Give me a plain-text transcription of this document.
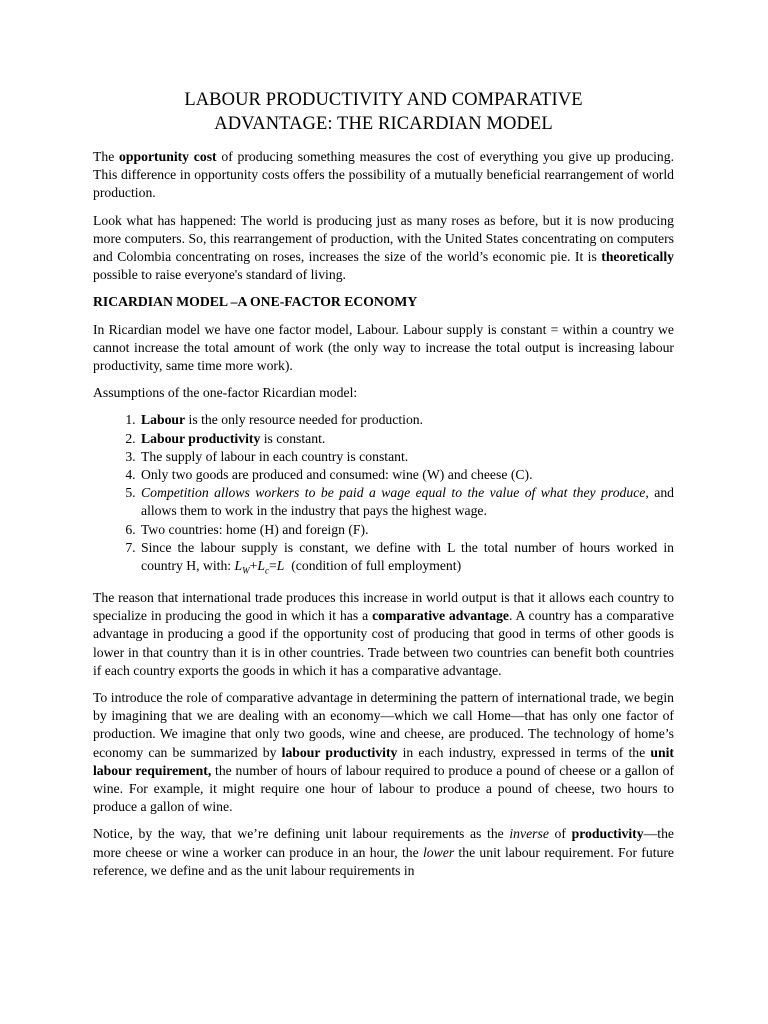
LABOUR PRODUCTIVITY AND COMPARATIVE
ADVANTAGE: THE RICARDIAN MODEL

The opportunity cost of producing something measures the cost of everything you give up producing. This difference in opportunity costs offers the possibility of a mutually beneficial rearrangement of world production.

Look what has happened: The world is producing just as many roses as before, but it is now producing more computers. So, this rearrangement of production, with the United States concentrating on computers and Colombia concentrating on roses, increases the size of the world’s economic pie. It is theoretically possible to raise everyone's standard of living.

RICARDIAN MODEL –A ONE-FACTOR ECONOMY

In Ricardian model we have one factor model, Labour. Labour supply is constant = within a country we cannot increase the total amount of work (the only way to increase the total output is increasing labour productivity, same time more work).

Assumptions of the one-factor Ricardian model:

1. Labour is the only resource needed for production.
2. Labour productivity is constant.
3. The supply of labour in each country is constant.
4. Only two goods are produced and consumed: wine (W) and cheese (C).
5. Competition allows workers to be paid a wage equal to the value of what they produce, and allows them to work in the industry that pays the highest wage.
6. Two countries: home (H) and foreign (F).
7. Since the labour supply is constant, we define with L the total number of hours worked in country H, with: $L_W+L_c=L$  (condition of full employment)

The reason that international trade produces this increase in world output is that it allows each country to specialize in producing the good in which it has a comparative advantage. A country has a comparative advantage in producing a good if the opportunity cost of producing that good in terms of other goods is lower in that country than it is in other countries. Trade between two countries can benefit both countries if each country exports the goods in which it has a comparative advantage.

To introduce the role of comparative advantage in determining the pattern of international trade, we begin by imagining that we are dealing with an economy—which we call Home—that has only one factor of production. We imagine that only two goods, wine and cheese, are produced. The technology of home’s economy can be summarized by labour productivity in each industry, expressed in terms of the unit labour requirement, the number of hours of labour required to produce a pound of cheese or a gallon of wine. For example, it might require one hour of labour to produce a pound of cheese, two hours to produce a gallon of wine.

Notice, by the way, that we’re defining unit labour requirements as the inverse of productivity—the more cheese or wine a worker can produce in an hour, the lower the unit labour requirement. For future reference, we define and as the unit labour requirements in
